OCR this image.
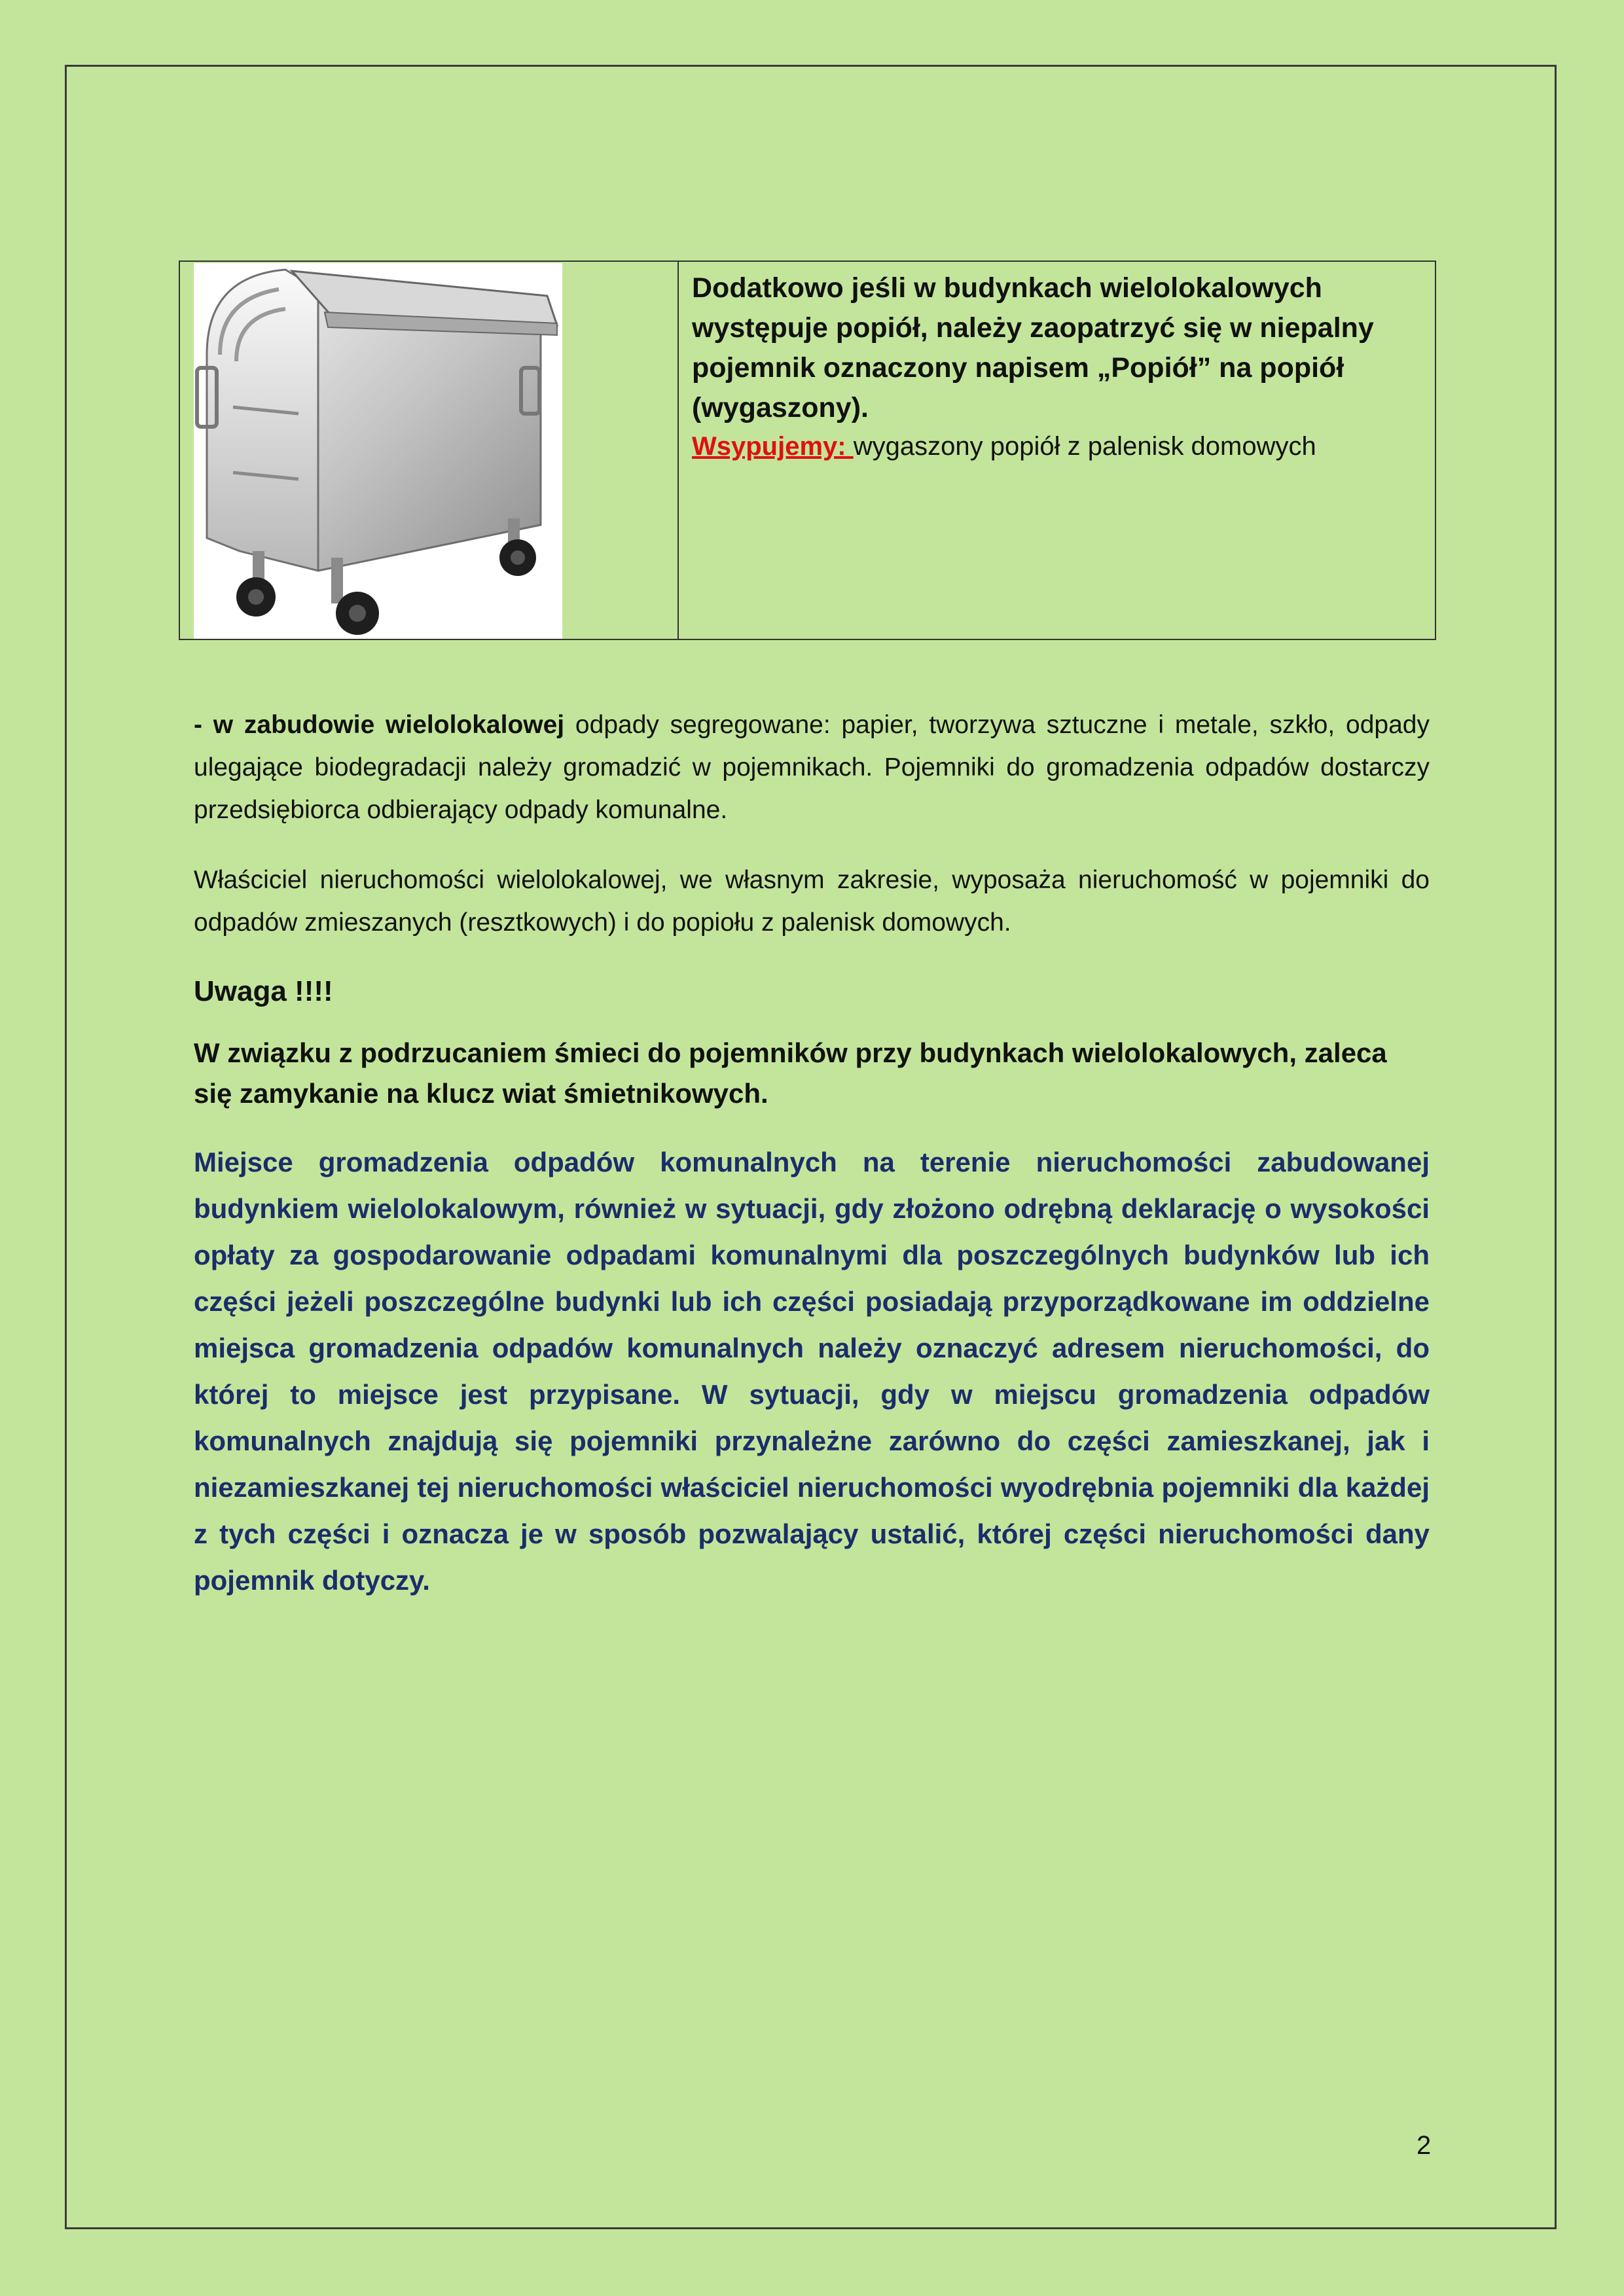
Dodatkowo jeśli w budynkach wielolokalowych występuje popiół, należy zaopatrzyć się w niepalny pojemnik oznaczony napisem „Popiół” na popiół (wygaszony).

Wsypujemy: wygaszony popiół z palenisk domowych

- w zabudowie wielolokalowej odpady segregowane: papier, tworzywa sztuczne i metale, szkło, odpady ulegające biodegradacji należy gromadzić w pojemnikach. Pojemniki do gromadzenia odpadów dostarczy przedsiębiorca odbierający odpady komunalne.

Właściciel nieruchomości wielolokalowej, we własnym zakresie, wyposaża nieruchomość w pojemniki do odpadów zmieszanych (resztkowych) i do popiołu z palenisk domowych.

Uwaga !!!!

W związku z podrzucaniem śmieci do pojemników przy budynkach wielolokalowych, zaleca się zamykanie na klucz wiat śmietnikowych.

Miejsce gromadzenia odpadów komunalnych na terenie nieruchomości zabudowanej budynkiem wielolokalowym, również w sytuacji, gdy złożono odrębną deklarację o wysokości opłaty za gospodarowanie odpadami komunalnymi dla poszczególnych budynków lub ich części jeżeli poszczególne budynki lub ich części posiadają przyporządkowane im oddzielne miejsca gromadzenia odpadów komunalnych należy oznaczyć adresem nieruchomości, do której to miejsce jest przypisane. W sytuacji, gdy w miejscu gromadzenia odpadów komunalnych znajdują się pojemniki przynależne zarówno do części zamieszkanej, jak i niezamieszkanej tej nieruchomości właściciel nieruchomości wyodrębnia pojemniki dla każdej z tych części i oznacza je w sposób pozwalający ustalić, której części nieruchomości dany pojemnik dotyczy.

2
